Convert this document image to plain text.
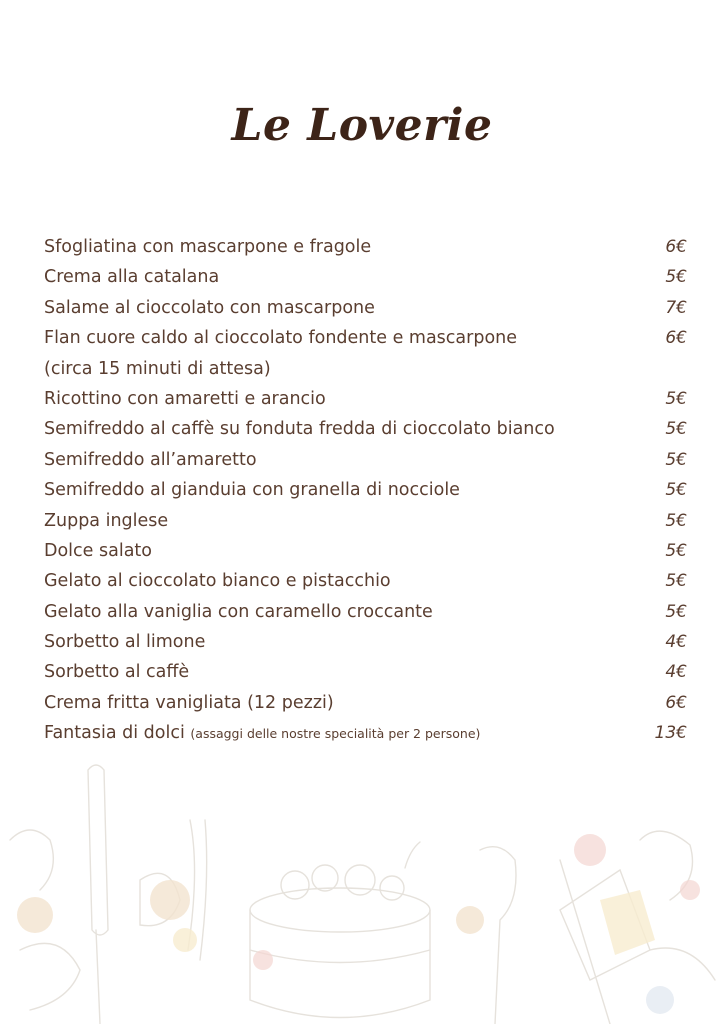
Le Loverie
Sfogliatina con mascarpone e fragole	6€
Crema alla catalana	5€
Salame al cioccolato con mascarpone	7€
Flan cuore caldo al cioccolato fondente e mascarpone	6€
(circa 15 minuti di attesa)
Ricottino con amaretti e arancio	5€
Semifreddo al caffè su fonduta fredda di cioccolato bianco	5€
Semifreddo all’amaretto	5€
Semifreddo al gianduia con granella di nocciole	5€
Zuppa inglese	5€
Dolce salato	5€
Gelato al cioccolato bianco e pistacchio	5€
Gelato alla vaniglia con caramello croccante	5€
Sorbetto al limone	4€
Sorbetto al caffè	4€
Crema fritta vanigliata (12 pezzi)	6€
Fantasia di dolci (assaggi delle nostre specialità per 2 persone)	13€
